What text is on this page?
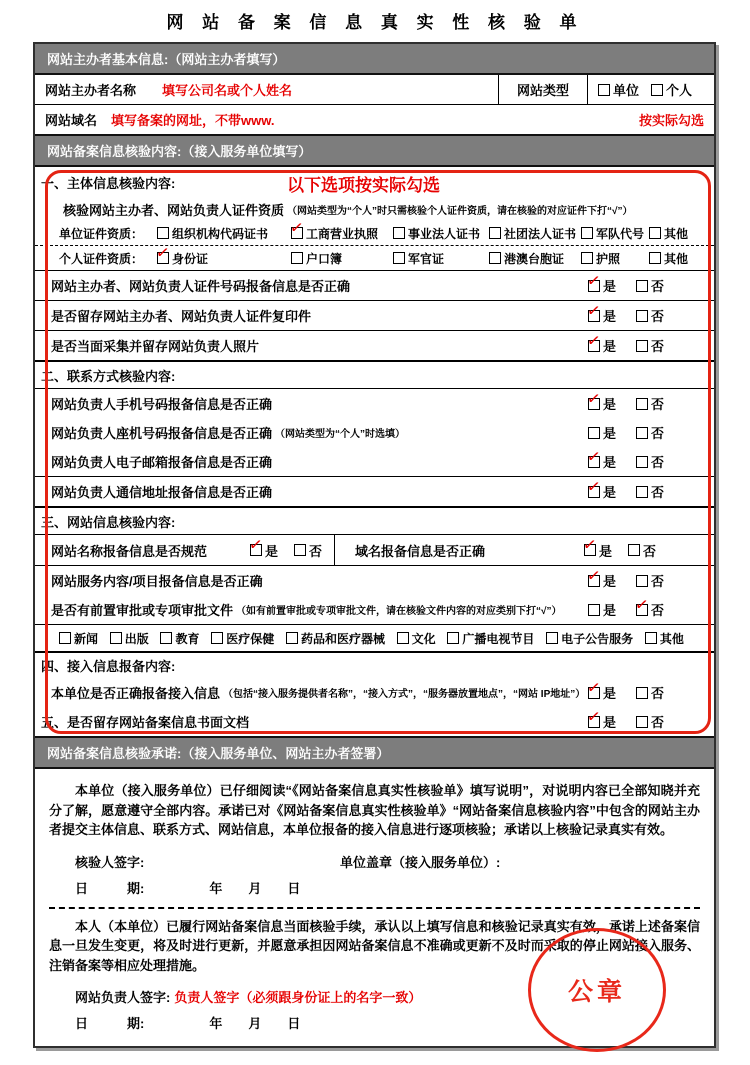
网 站 备 案 信 息 真 实 性 核 验 单
网站主办者基本信息:（网站主办者填写）
网站主办者名称 填写公司名或个人姓名	网站类型	单位 个人
网站域名 填写备案的网址，不带www.	按实际勾选
网站备案信息核验内容:（接入服务单位填写）
一、主体信息核验内容:	以下选项按实际勾选
核验网站主办者、网站负责人证件资质 （网站类型为“个人”时只需核验个人证件资质，请在核验的对应证件下打“√”）
单位证件资质：	组织机构代码证书 ✓	工商营业执照 事业法人证书 社团法人证书 军队代号 其他
个人证件资质： ✓	身份证	户口簿	军官证	港澳台胞证	护照	其他
网站主办者、网站负责人证件号码报备信息是否正确 ✓	是	否
是否留存网站主办者、网站负责人证件复印件 ✓	是	否
是否当面采集并留存网站负责人照片 ✓	是	否
二、联系方式核验内容:
网站负责人手机号码报备信息是否正确 ✓	是	否
网站负责人座机号码报备信息是否正确 （网站类型为“个人”时选填）	是	否
网站负责人电子邮箱报备信息是否正确 ✓	是	否
网站负责人通信地址报备信息是否正确 ✓	是	否
三、网站信息核验内容:
网站名称报备信息是否规范 ✓	是 否	域名报备信息是否正确 ✓	是 否
网站服务内容/项目报备信息是否正确 ✓	是	否
是否有前置审批或专项审批文件 （如有前置审批或专项审批文件，请在核验文件内容的对应类别下打“√”）	是 ✓	否
新闻 出版 教育 医疗保健 药品和医疗器械 文化 广播电视节目 电子公告服务 其他
四、接入信息报备内容:
本单位是否正确报备接入信息 （包括“接入服务提供者名称”，“接入方式”，“服务器放置地点”，“网站 IP地址”） ✓ 是	否
五、是否留存网站备案信息书面文档 ✓	是	否
网站备案信息核验承诺:（接入服务单位、网站主办者签署）

本单位（接入服务单位）已仔细阅读“《网站备案信息真实性核验单》填写说明”，对说明内容已全部知晓并充分了解，愿意遵守全部内容。承诺已对《网站备案信息真实性核验单》“网站备案信息核验内容”中包含的网站主办者提交主体信息、联系方式、网站信息，本单位报备的接入信息进行逐项核验；承诺以上核验记录真实有效。

核验人签字:	单位盖章（接入服务单位）:
日　　　期:　　　　　年　　月　　日

本人（本单位）已履行网站备案信息当面核验手续，承认以上填写信息和核验记录真实有效，承诺上述备案信息一旦发生变更，将及时进行更新，并愿意承担因网站备案信息不准确或更新不及时而采取的停止网站接入服务、注销备案等相应处理措施。

网站负责人签字: 负责人签字（必须跟身份证上的名字一致）
日　　　期:　　　　　年　　月　　日
公章
